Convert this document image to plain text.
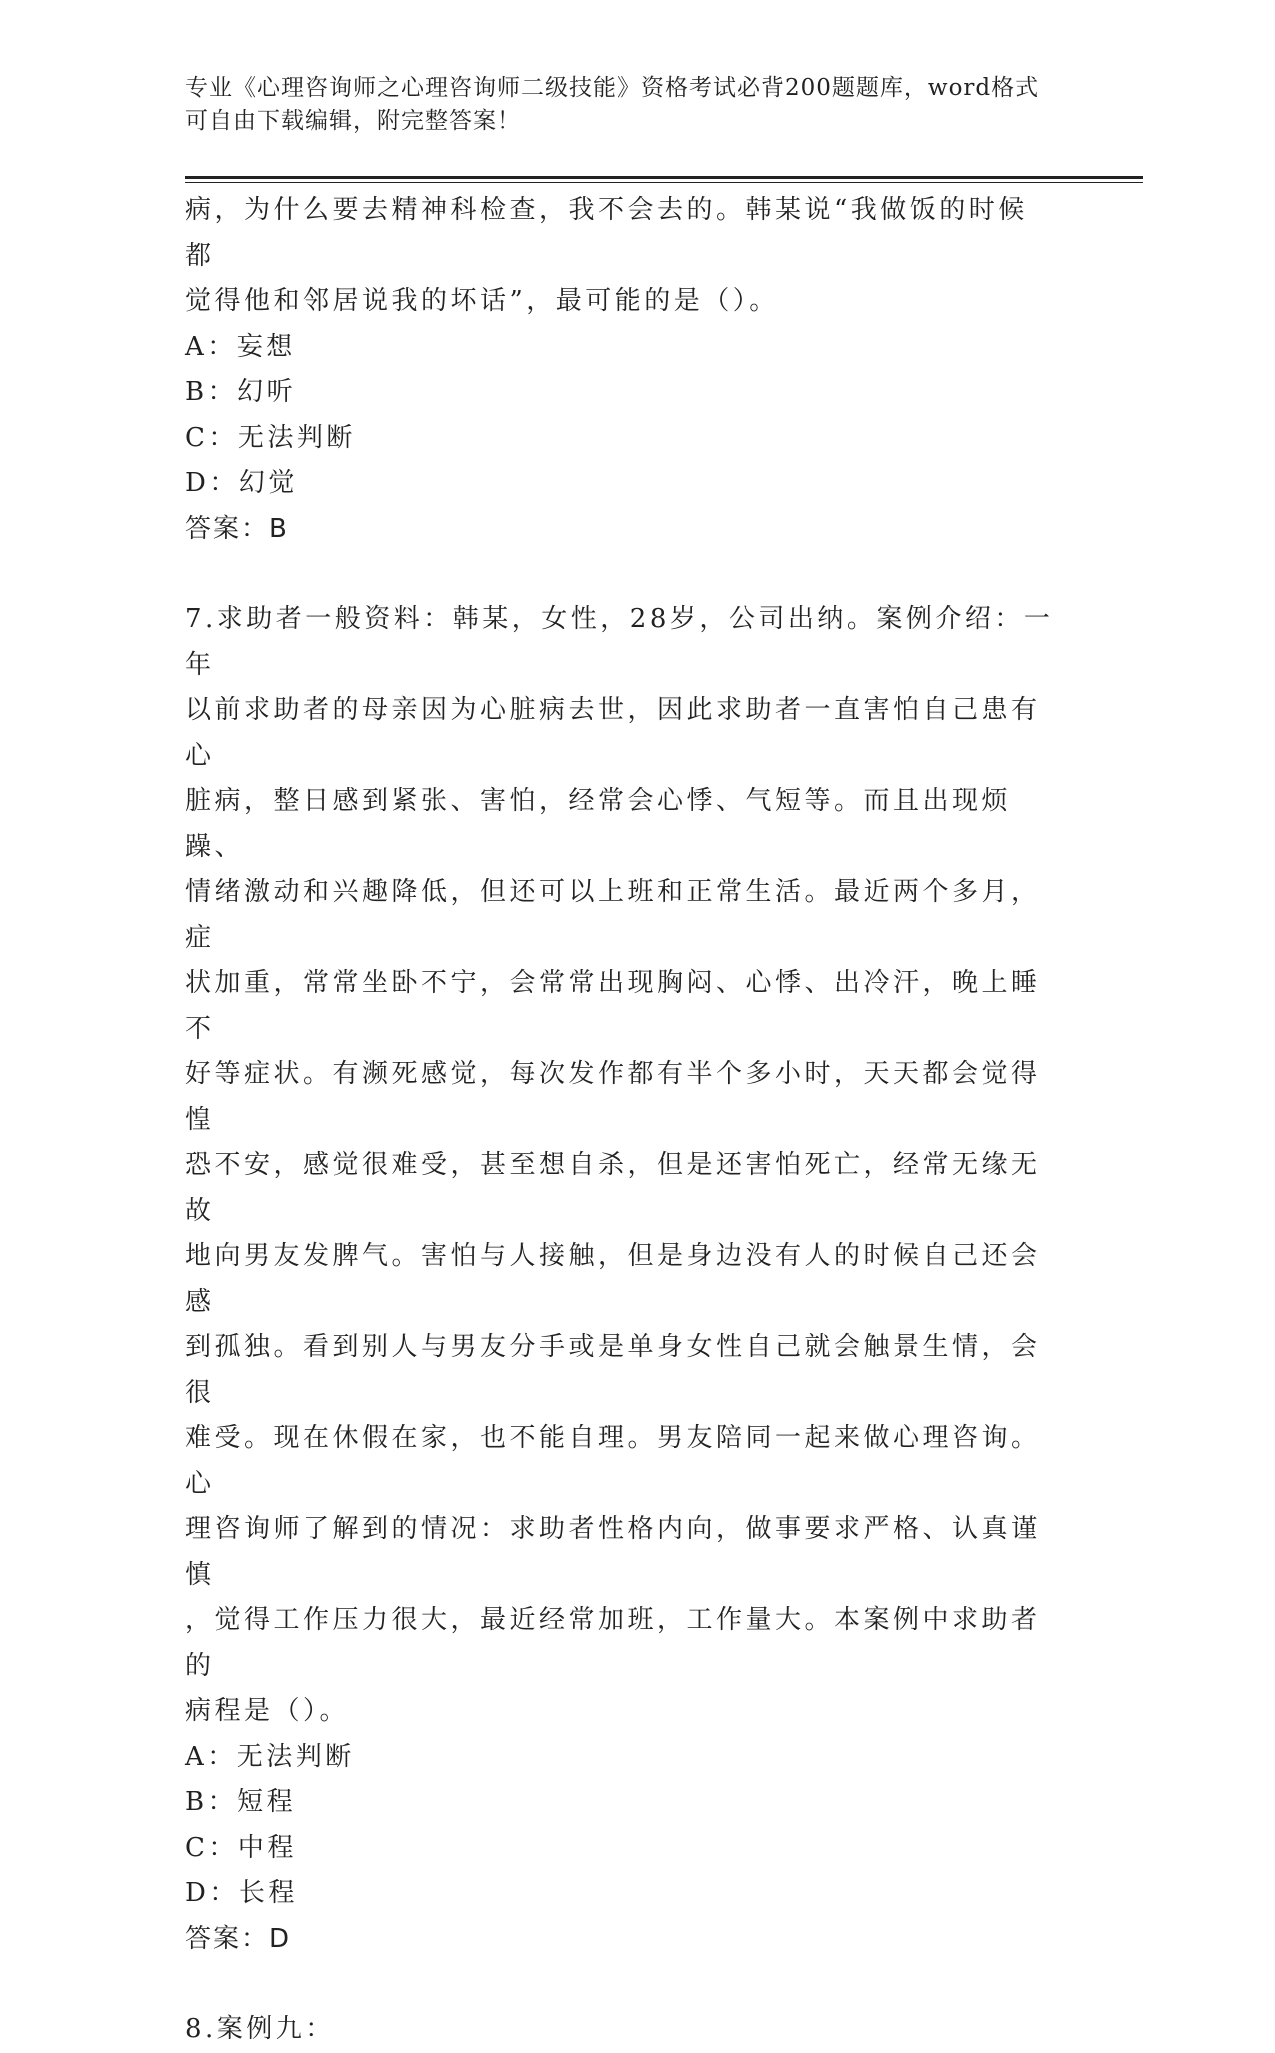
专业《心理咨询师之心理咨询师二级技能》资格考试必背200题题库，word格式
可自由下载编辑，附完整答案！

病，为什么要去精神科检查，我不会去的。韩某说“我做饭的时候都

觉得他和邻居说我的坏话”，最可能的是（）。

A：妄想

B：幻听

C：无法判断

D：幻觉

答案：B

7.求助者一般资料：韩某，女性，28岁，公司出纳。案例介绍：一年

以前求助者的母亲因为心脏病去世，因此求助者一直害怕自己患有心

脏病，整日感到紧张、害怕，经常会心悸、气短等。而且出现烦躁、

情绪激动和兴趣降低，但还可以上班和正常生活。最近两个多月，症

状加重，常常坐卧不宁，会常常出现胸闷、心悸、出冷汗，晚上睡不

好等症状。有濒死感觉，每次发作都有半个多小时，天天都会觉得惶

恐不安，感觉很难受，甚至想自杀，但是还害怕死亡，经常无缘无故

地向男友发脾气。害怕与人接触，但是身边没有人的时候自己还会感

到孤独。看到别人与男友分手或是单身女性自己就会触景生情，会很

难受。现在休假在家，也不能自理。男友陪同一起来做心理咨询。心

理咨询师了解到的情况：求助者性格内向，做事要求严格、认真谨慎

，觉得工作压力很大，最近经常加班，工作量大。本案例中求助者的

病程是（）。

A：无法判断

B：短程

C：中程

D：长程

答案：D

8.案例九：
